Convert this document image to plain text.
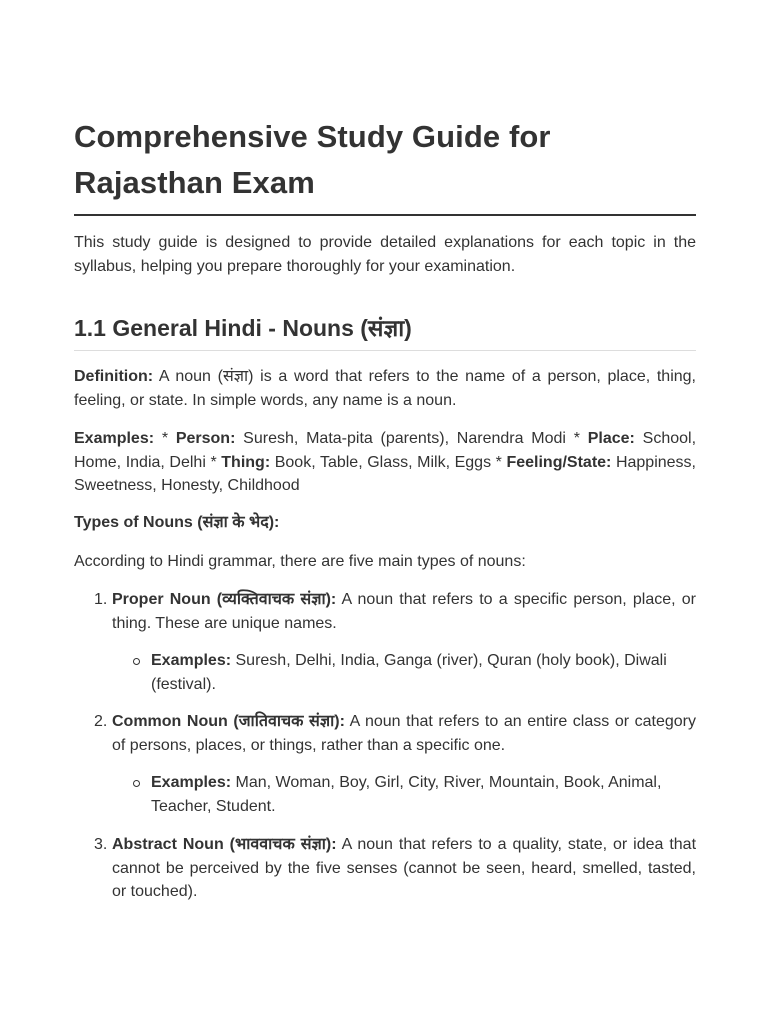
Comprehensive Study Guide for Rajasthan Exam

This study guide is designed to provide detailed explanations for each topic in the syllabus, helping you prepare thoroughly for your examination.

1.1 General Hindi - Nouns (संज्ञा)

Definition: A noun (संज्ञा) is a word that refers to the name of a person, place, thing, feeling, or state. In simple words, any name is a noun.

Examples: * Person: Suresh, Mata-pita (parents), Narendra Modi * Place: School, Home, India, Delhi * Thing: Book, Table, Glass, Milk, Eggs * Feeling/State: Happiness, Sweetness, Honesty, Childhood

Types of Nouns (संज्ञा के भेद):

According to Hindi grammar, there are five main types of nouns:

1. Proper Noun (व्यक्तिवाचक संज्ञा): A noun that refers to a specific person, place, or thing. These are unique names.
Examples: Suresh, Delhi, India, Ganga (river), Quran (holy book), Diwali (festival).
2. Common Noun (जातिवाचक संज्ञा): A noun that refers to an entire class or category of persons, places, or things, rather than a specific one.
Examples: Man, Woman, Boy, Girl, City, River, Mountain, Book, Animal, Teacher, Student.
3. Abstract Noun (भाववाचक संज्ञा): A noun that refers to a quality, state, or idea that cannot be perceived by the five senses (cannot be seen, heard, smelled, tasted, or touched).
